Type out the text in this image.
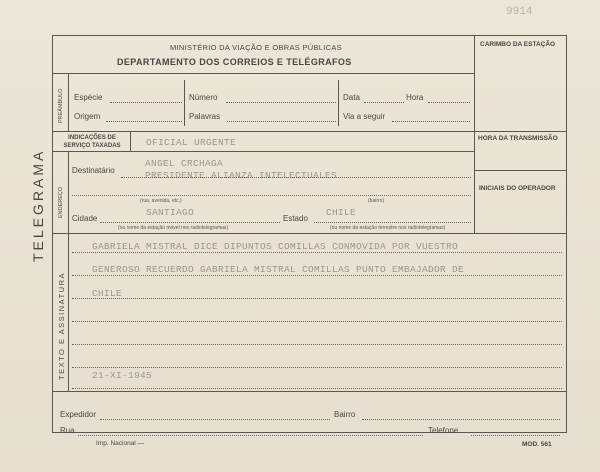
9914
TELEGRAMA
MINISTÉRIO DA VIAÇÃO E OBRAS PÚBLICAS
DEPARTAMENTO DOS CORREIOS E TELÉGRAFOS
CARIMBO DA ESTAÇÃO
HORA DA TRANSMISSÃO
INICIAIS DO OPERADOR
PREÂMBULO Espécie	Número	Data	Hora
Origem	Palavras	Via a seguir
INDICAÇÕES DE SERVIÇO TAXADAS	OFICIAL URGENTE
ENDEREÇO
Destinatário
ANGEL CRCHAGA
PRESIDENTE ALIANZA INTELECTUALES
(rua, avenida, etc.)	(bairro)
Cidade
SANTIAGO
Estado
CHILE
(ou nome da estação móvel nos radiotelegramas)	(ou nome da estação terrestre nos radiotelegramas)
TEXTO E ASSINATURA
GABRIELA MISTRAL DICE DIPUNTOS COMILLAS CONMOVIDA POR VUESTRO
GENEROSO RECUERDO GABRIELA MISTRAL COMILLAS PUNTO EMBAJADOR DE
CHILE
21-XI-1945
Expedidor	Bairro
Rua	Telefone
Imp. Nacional —	MOD. 561
